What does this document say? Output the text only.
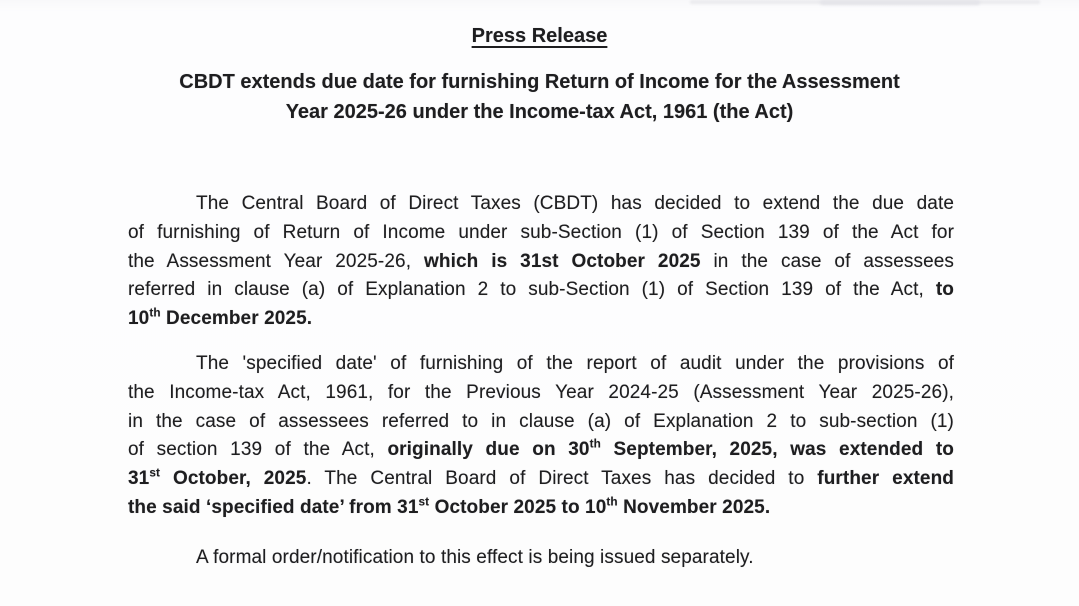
Press Release
CBDT extends due date for furnishing Return of Income for the Assessment
Year 2025-26 under the Income-tax Act, 1961 (the Act)
The Central Board of Direct Taxes (CBDT) has decided to extend the due date
of furnishing of Return of Income under sub-Section (1) of Section 139 of the Act for
the Assessment Year 2025-26, which is 31st October 2025 in the case of assessees
referred in clause (a) of Explanation 2 to sub-Section (1) of Section 139 of the Act, to
10th December 2025.
The 'specified date' of furnishing of the report of audit under the provisions of
the Income-tax Act, 1961, for the Previous Year 2024-25 (Assessment Year 2025-26),
in the case of assessees referred to in clause (a) of Explanation 2 to sub-section (1)
of section 139 of the Act, originally due on 30th September, 2025, was extended to
31st October, 2025. The Central Board of Direct Taxes has decided to further extend
the said ‘specified date’ from 31st October 2025 to 10th November 2025.
A formal order/notification to this effect is being issued separately.
